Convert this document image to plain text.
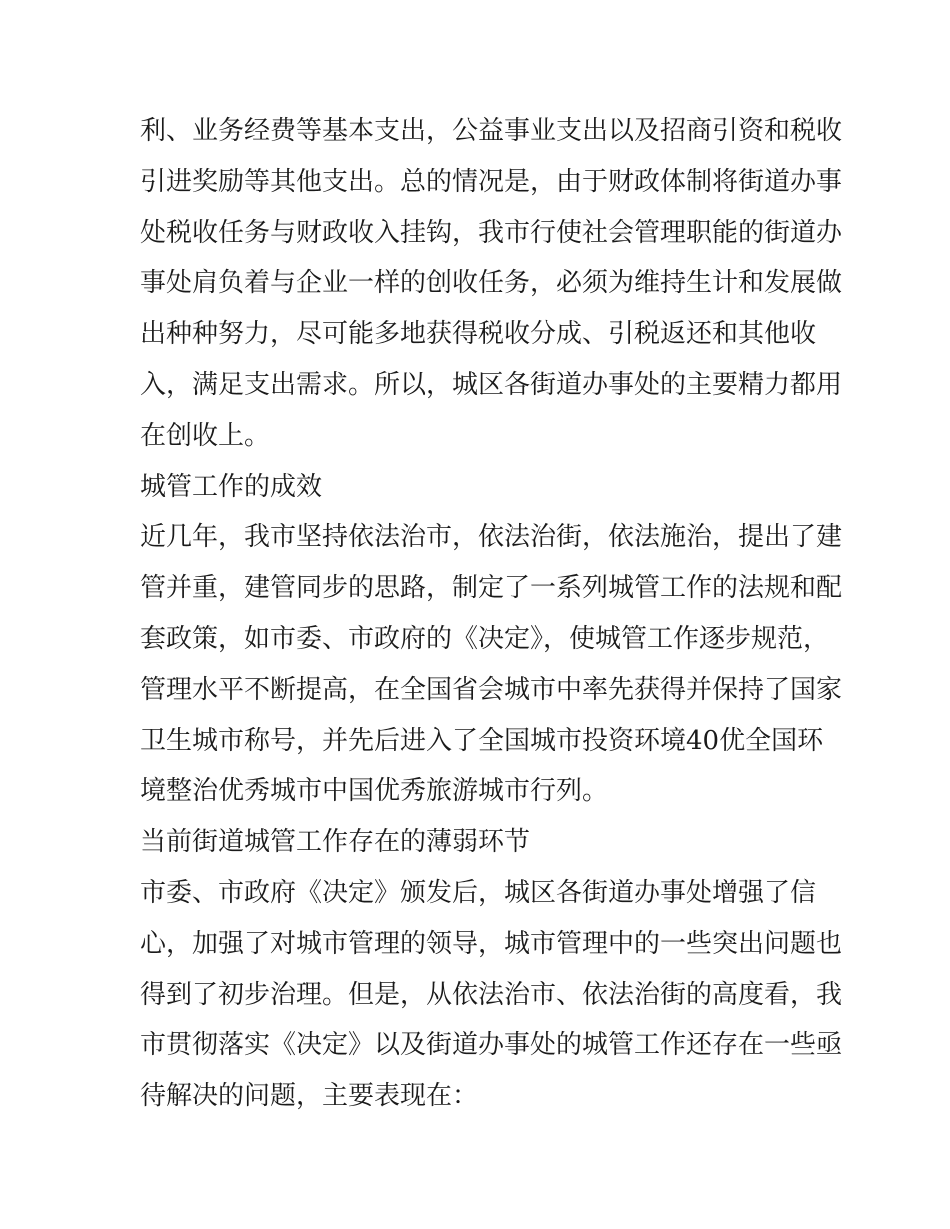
利、业务经费等基本支出，公益事业支出以及招商引资和税收
引进奖励等其他支出。总的情况是，由于财政体制将街道办事
处税收任务与财政收入挂钩，我市行使社会管理职能的街道办
事处肩负着与企业一样的创收任务，必须为维持生计和发展做
出种种努力，尽可能多地获得税收分成、引税返还和其他收
入，满足支出需求。所以，城区各街道办事处的主要精力都用
在创收上。
城管工作的成效
近几年，我市坚持依法治市，依法治街，依法施治，提出了建
管并重，建管同步的思路，制定了一系列城管工作的法规和配
套政策，如市委、市政府的《决定》，使城管工作逐步规范，
管理水平不断提高，在全国省会城市中率先获得并保持了国家
卫生城市称号，并先后进入了全国城市投资环境40优全国环
境整治优秀城市中国优秀旅游城市行列。
当前街道城管工作存在的薄弱环节
市委、市政府《决定》颁发后，城区各街道办事处增强了信
心，加强了对城市管理的领导，城市管理中的一些突出问题也
得到了初步治理。但是，从依法治市、依法治街的高度看，我
市贯彻落实《决定》以及街道办事处的城管工作还存在一些亟
待解决的问题，主要表现在：
